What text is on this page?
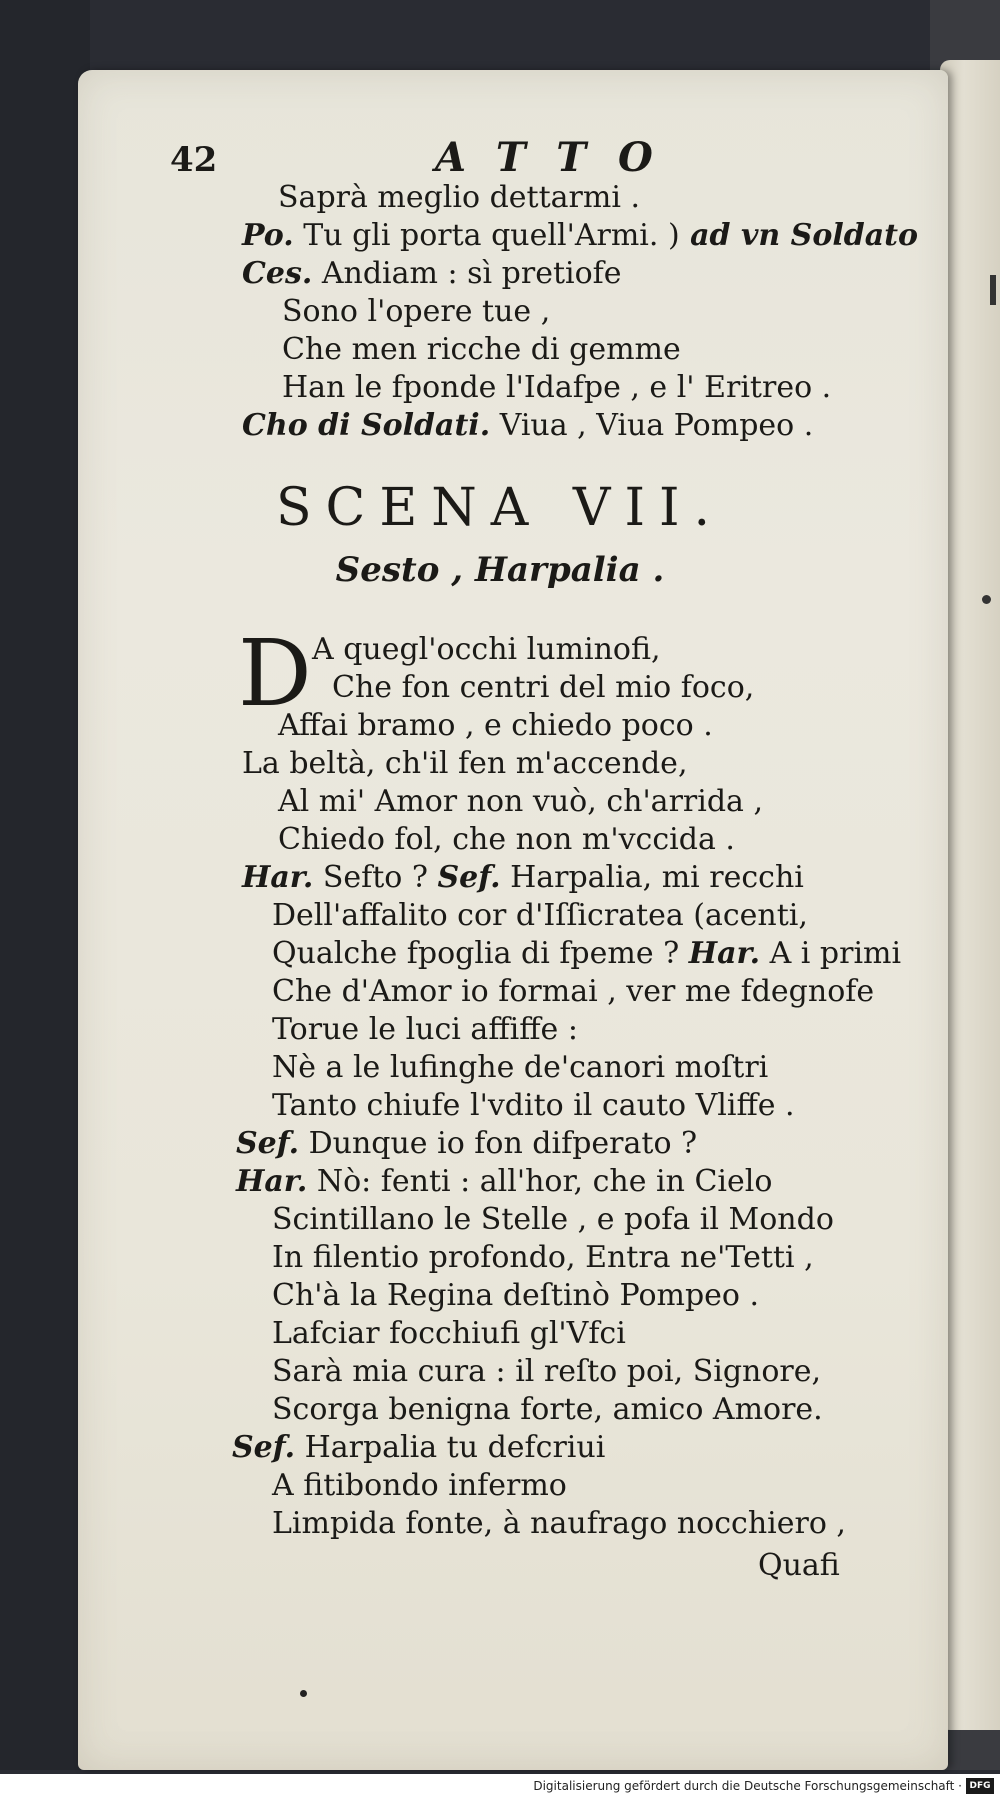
42	ATTO
Saprà meglio dettarmi .
Po. Tu gli porta quell'Armi. ) ad vn Soldato
Ces. Andiam : sì pretiofe
Sono l'opere tue ,
Che men ricche di gemme
Han le fponde l'Idafpe , e l' Eritreo .
Cho di Soldati. Viua , Viua Pompeo .
SCENA VII.
Sesto , Harpalia .
D A quegl'occhi luminofi,
Che fon centri del mio foco,
Affai bramo , e chiedo poco .
La beltà, ch'il fen m'accende,
Al mi' Amor non vuò, ch'arrida ,
Chiedo fol, che non m'vccida .
Har. Sefto ? Sef. Harpalia, mi recchi
Dell'affalito cor d'Iſſicratea (acenti,
Qualche fpoglia di fpeme ? Har. A i primi
Che d'Amor io formai , ver me fdegnofe
Torue le luci affiffe :
Nè a le lufinghe de'canori moſtri
Tanto chiufe l'vdito il cauto Vliffe .
Sef. Dunque io fon difperato ?
Har. Nò: fenti : all'hor, che in Cielo
Scintillano le Stelle , e pofa il Mondo
In filentio profondo, Entra ne'Tetti ,
Ch'à la Regina deſtinò Pompeo .
Lafciar focchiufi gl'Vfci
Sarà mia cura : il reſto poi, Signore,
Scorga benigna forte, amico Amore.
Sef. Harpalia tu defcriui
A fitibondo infermo
Limpida fonte, à naufrago nocchiero ,
Quafi
Digitalisierung gefördert durch die Deutsche Forschungsgemeinschaft · DFG
